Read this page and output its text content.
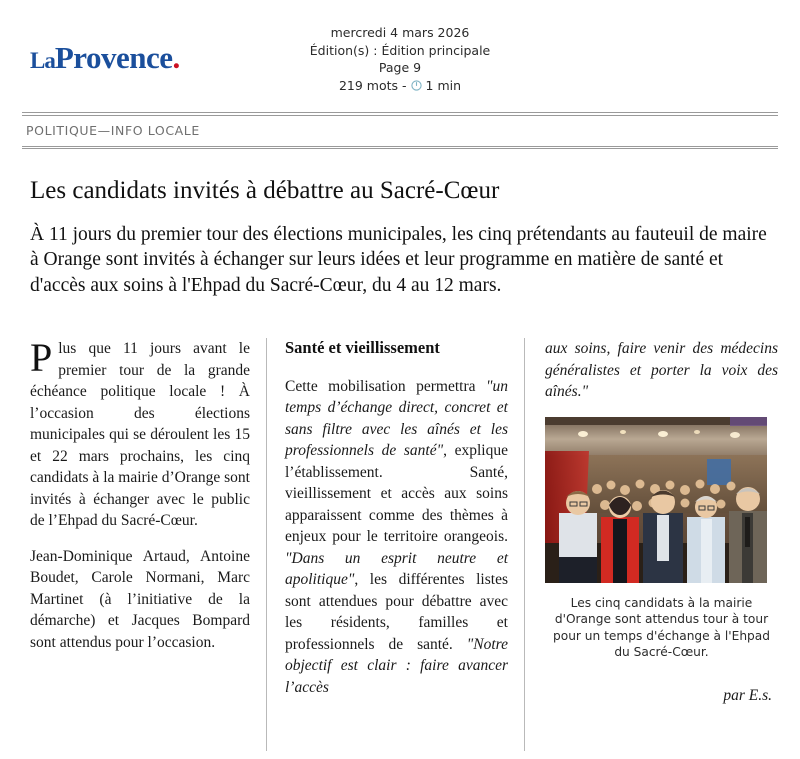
LaProvence.
mercredi 4 mars 2026
Édition(s) : Édition principale
Page 9
219 mots - 1 min
POLITIQUE—INFO LOCALE
Les candidats invités à débattre au Sacré-Cœur

À 11 jours du premier tour des élections municipales, les cinq prétendants au fauteuil de maire à Orange sont invités à échanger sur leurs idées et leur programme en matière de santé et d'accès aux soins à l'Ehpad du Sacré-Cœur, du 4 au 12 mars.

Plus que 11 jours avant le premier tour de la grande échéance politique locale ! À l’occasion des élections municipales qui se déroulent les 15 et 22 mars prochains, les cinq candidats à la mairie d’Orange sont invités à échanger avec le public de l’Ehpad du Sacré-Cœur.

Jean-Dominique Artaud, Antoine Boudet, Carole Normani, Marc Martinet (à l’initiative de la démarche) et Jacques Bompard sont attendus pour l’occasion.

Santé et vieillissement

Cette mobilisation permettra "un temps d’échange direct, concret et sans filtre avec les aînés et les professionnels de santé", explique l’établissement. Santé, vieillissement et accès aux soins apparaissent comme des thèmes à enjeux pour le territoire orangeois. "Dans un esprit neutre et apolitique", les différentes listes sont attendues pour débattre avec les résidents, familles et professionnels de santé. "Notre objectif est clair : faire avancer l’accès

aux soins, faire venir des médecins généralistes et porter la voix des aînés."

Les cinq candidats à la mairie d'Orange sont attendus tour à tour pour un temps d'échange à l'Ehpad du Sacré-Cœur.
par E.s.
